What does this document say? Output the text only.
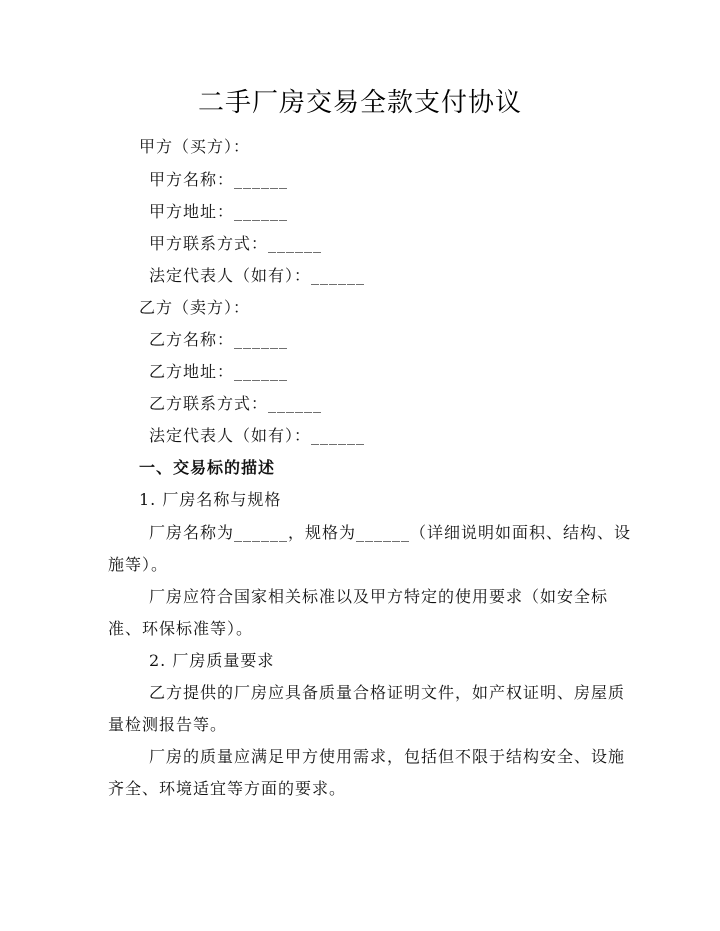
二手厂房交易全款支付协议
甲方（买方）：
甲方名称：______
甲方地址：______
甲方联系方式：______
法定代表人（如有）：______
乙方（卖方）：
乙方名称：______
乙方地址：______
乙方联系方式：______
法定代表人（如有）：______
一、交易标的描述
1. 厂房名称与规格
厂房名称为______，规格为______（详细说明如面积、结构、设
施等）。
厂房应符合国家相关标准以及甲方特定的使用要求（如安全标
准、环保标准等）。
2. 厂房质量要求
乙方提供的厂房应具备质量合格证明文件，如产权证明、房屋质
量检测报告等。
厂房的质量应满足甲方使用需求，包括但不限于结构安全、设施
齐全、环境适宜等方面的要求。
